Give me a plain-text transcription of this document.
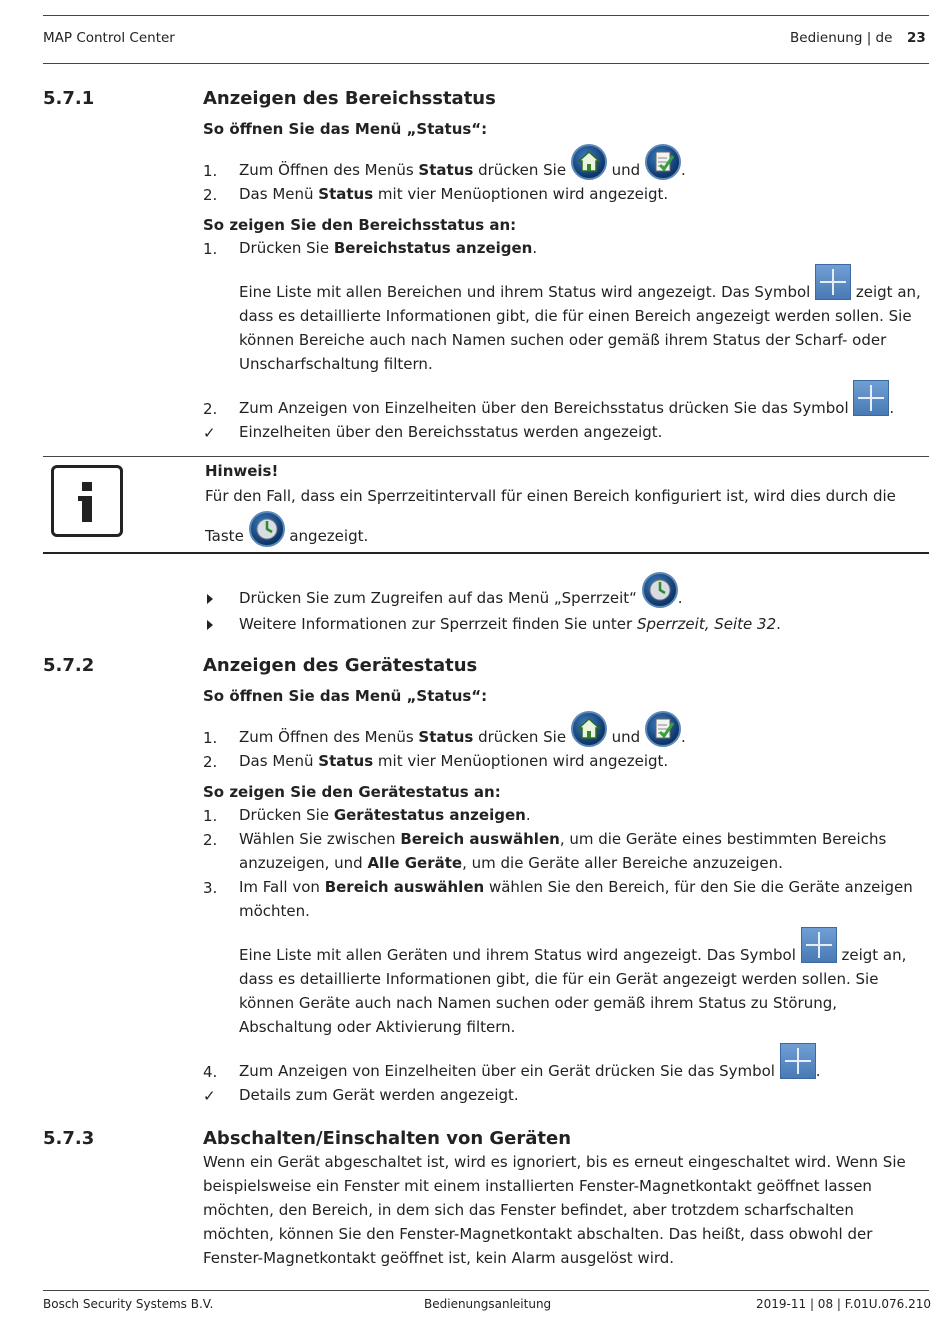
MAP Control Center	Bedienung | de 23
5.7.1	Anzeigen des Bereichsstatus
So öffnen Sie das Menü „Status“:
1. Zum Öffnen des Menüs Status drücken Sie	und	.
2. Das Menü Status mit vier Menüoptionen wird angezeigt.
So zeigen Sie den Bereichsstatus an:
1. Drücken Sie Bereichstatus anzeigen.
Eine Liste mit allen Bereichen und ihrem Status wird angezeigt. Das Symbol	zeigt an, dass es detaillierte Informationen gibt, die für einen Bereich angezeigt werden sollen. Sie können Bereiche auch nach Namen suchen oder gemäß ihrem Status der Scharf- oder Unscharfschaltung filtern.
2. Zum Anzeigen von Einzelheiten über den Bereichsstatus drücken Sie das Symbol	.
✓ Einzelheiten über den Bereichsstatus werden angezeigt.
Hinweis!
Für den Fall, dass ein Sperrzeitintervall für einen Bereich konfiguriert ist, wird dies durch die
Taste	angezeigt.
Drücken Sie zum Zugreifen auf das Menü „Sperrzeit“	.
Weitere Informationen zur Sperrzeit finden Sie unter Sperrzeit, Seite 32.
5.7.2	Anzeigen des Gerätestatus
So öffnen Sie das Menü „Status“:
1. Zum Öffnen des Menüs Status drücken Sie	und	.
2. Das Menü Status mit vier Menüoptionen wird angezeigt.
So zeigen Sie den Gerätestatus an:
1. Drücken Sie Gerätestatus anzeigen.
2. Wählen Sie zwischen Bereich auswählen, um die Geräte eines bestimmten Bereichs anzuzeigen, und Alle Geräte, um die Geräte aller Bereiche anzuzeigen.
3. Im Fall von Bereich auswählen wählen Sie den Bereich, für den Sie die Geräte anzeigen möchten.
Eine Liste mit allen Geräten und ihrem Status wird angezeigt. Das Symbol	zeigt an, dass es detaillierte Informationen gibt, die für ein Gerät angezeigt werden sollen. Sie können Geräte auch nach Namen suchen oder gemäß ihrem Status zu Störung, Abschaltung oder Aktivierung filtern.
4. Zum Anzeigen von Einzelheiten über ein Gerät drücken Sie das Symbol	.
✓ Details zum Gerät werden angezeigt.
5.7.3	Abschalten/Einschalten von Geräten
Wenn ein Gerät abgeschaltet ist, wird es ignoriert, bis es erneut eingeschaltet wird. Wenn Sie beispielsweise ein Fenster mit einem installierten Fenster-Magnetkontakt geöffnet lassen möchten, den Bereich, in dem sich das Fenster befindet, aber trotzdem scharfschalten möchten, können Sie den Fenster-Magnetkontakt abschalten. Das heißt, dass obwohl der Fenster-Magnetkontakt geöffnet ist, kein Alarm ausgelöst wird.
Bosch Security Systems B.V.	Bedienungsanleitung	2019-11 | 08 | F.01U.076.210
